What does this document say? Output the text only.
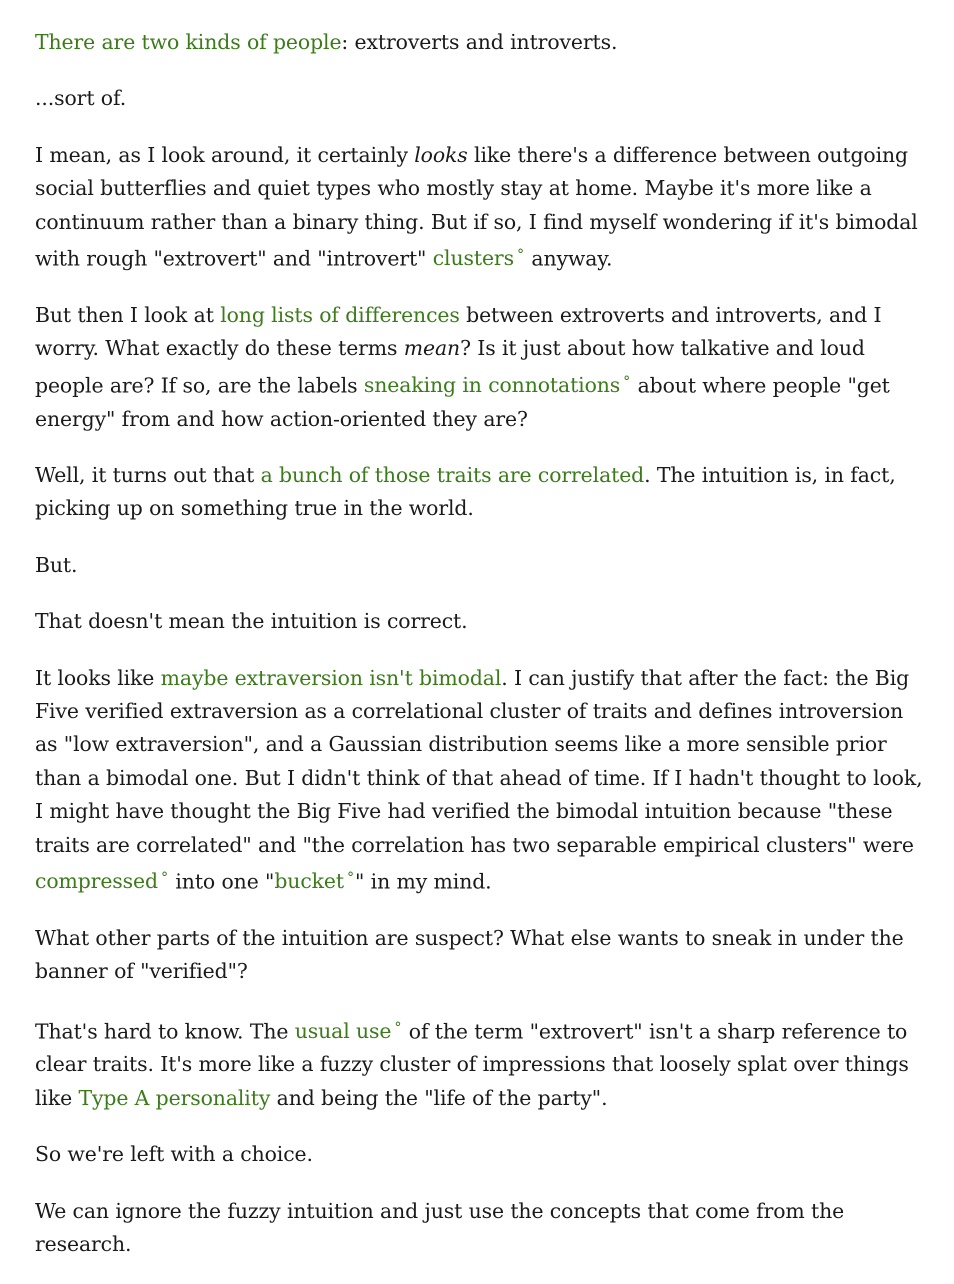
There are two kinds of people: extroverts and introverts.

...sort of.

I mean, as I look around, it certainly looks like there's a difference between outgoing social butterflies and quiet types who mostly stay at home. Maybe it's more like a continuum rather than a binary thing. But if so, I find myself wondering if it's bimodal with rough "extrovert" and "introvert" clusters ° anyway.

But then I look at long lists of differences between extroverts and introverts, and I worry. What exactly do these terms mean? Is it just about how talkative and loud people are? If so, are the labels sneaking in connotations ° about where people "get energy" from and how action-oriented they are?

Well, it turns out that a bunch of those traits are correlated. The intuition is, in fact, picking up on something true in the world.

But.

That doesn't mean the intuition is correct.

It looks like maybe extraversion isn't bimodal. I can justify that after the fact: the Big Five verified extraversion as a correlational cluster of traits and defines introversion as "low extraversion", and a Gaussian distribution seems like a more sensible prior than a bimodal one. But I didn't think of that ahead of time. If I hadn't thought to look, I might have thought the Big Five had verified the bimodal intuition because "these traits are correlated" and "the correlation has two separable empirical clusters" were compressed ° into one "bucket ° " in my mind.

What other parts of the intuition are suspect? What else wants to sneak in under the banner of "verified"?

That's hard to know. The usual use ° of the term "extrovert" isn't a sharp reference to clear traits. It's more like a fuzzy cluster of impressions that loosely splat over things like Type A personality and being the "life of the party".

So we're left with a choice.

We can ignore the fuzzy intuition and just use the concepts that come from the research.
